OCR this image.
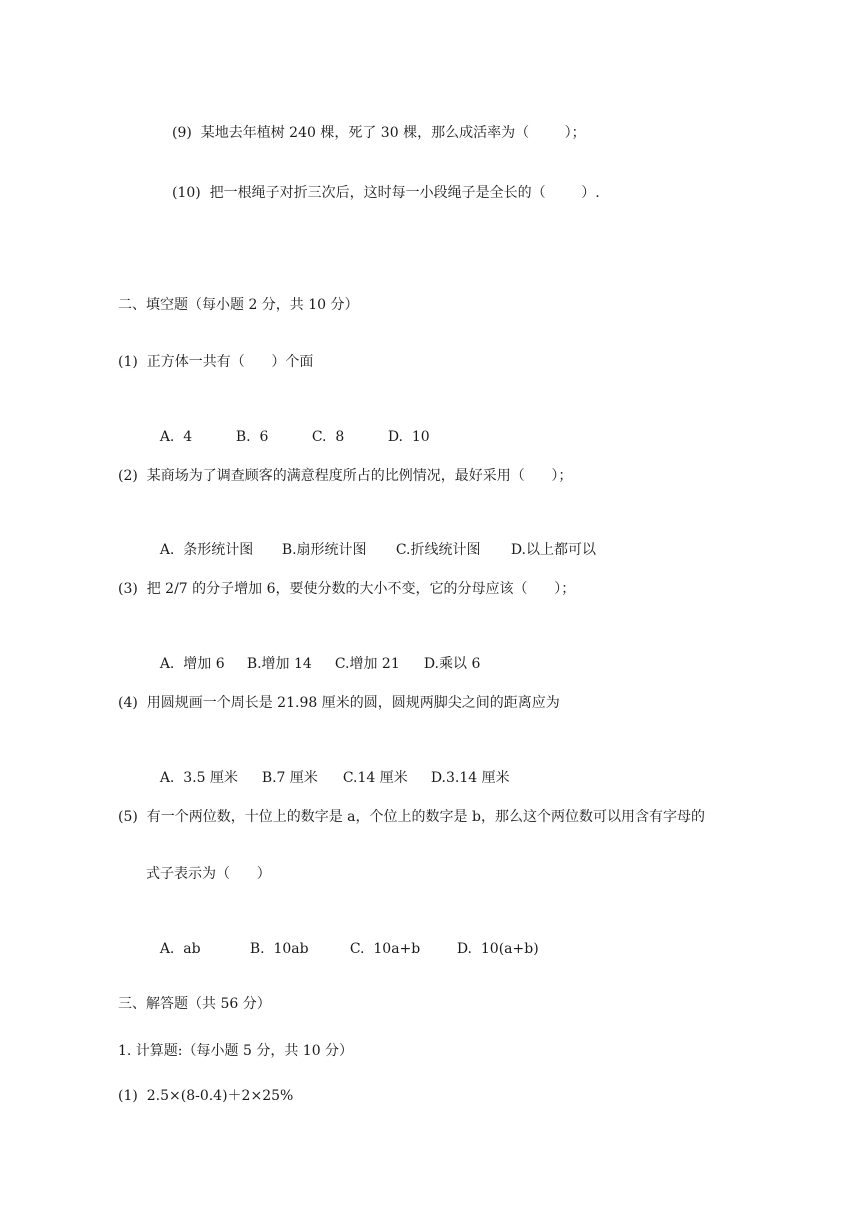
(9)  某地去年植树 240 棵，死了 30 棵，那么成活率为（        ）；
(10)  把一根绳子对折三次后，这时每一小段绳子是全长的（        ）.
二、填空题（每小题 2 分，共 10 分）
(1)  正方体一共有（      ）个面

A.  4	B.  6	C.  8	D.  10

(2)  某商场为了调查顾客的满意程度所占的比例情况，最好采用（      ）；

A.  条形统计图 B.扇形统计图 C.折线统计图 D.以上都可以

(3)  把 2/7 的分子增加 6，要使分数的大小不变，它的分母应该（      ）；

A.  增加 6 B.增加 14 C.增加 21 D.乘以 6

(4)  用圆规画一个周长是 21.98 厘米的圆，圆规两脚尖之间的距离应为

A.  3.5 厘米 B.7 厘米 C.14 厘米 D.3.14 厘米

(5)  有一个两位数，十位上的数字是 a，个位上的数字是 b，那么这个两位数可以用含有字母的
式子表示为（      ）

A.  ab	B.  10ab	C.  10a+b	D.  10(a+b)

三、解答题（共 56 分）
1. 计算题:（每小题 5 分，共 10 分）
(1)  2.5×(8-0.4)＋2×25%
